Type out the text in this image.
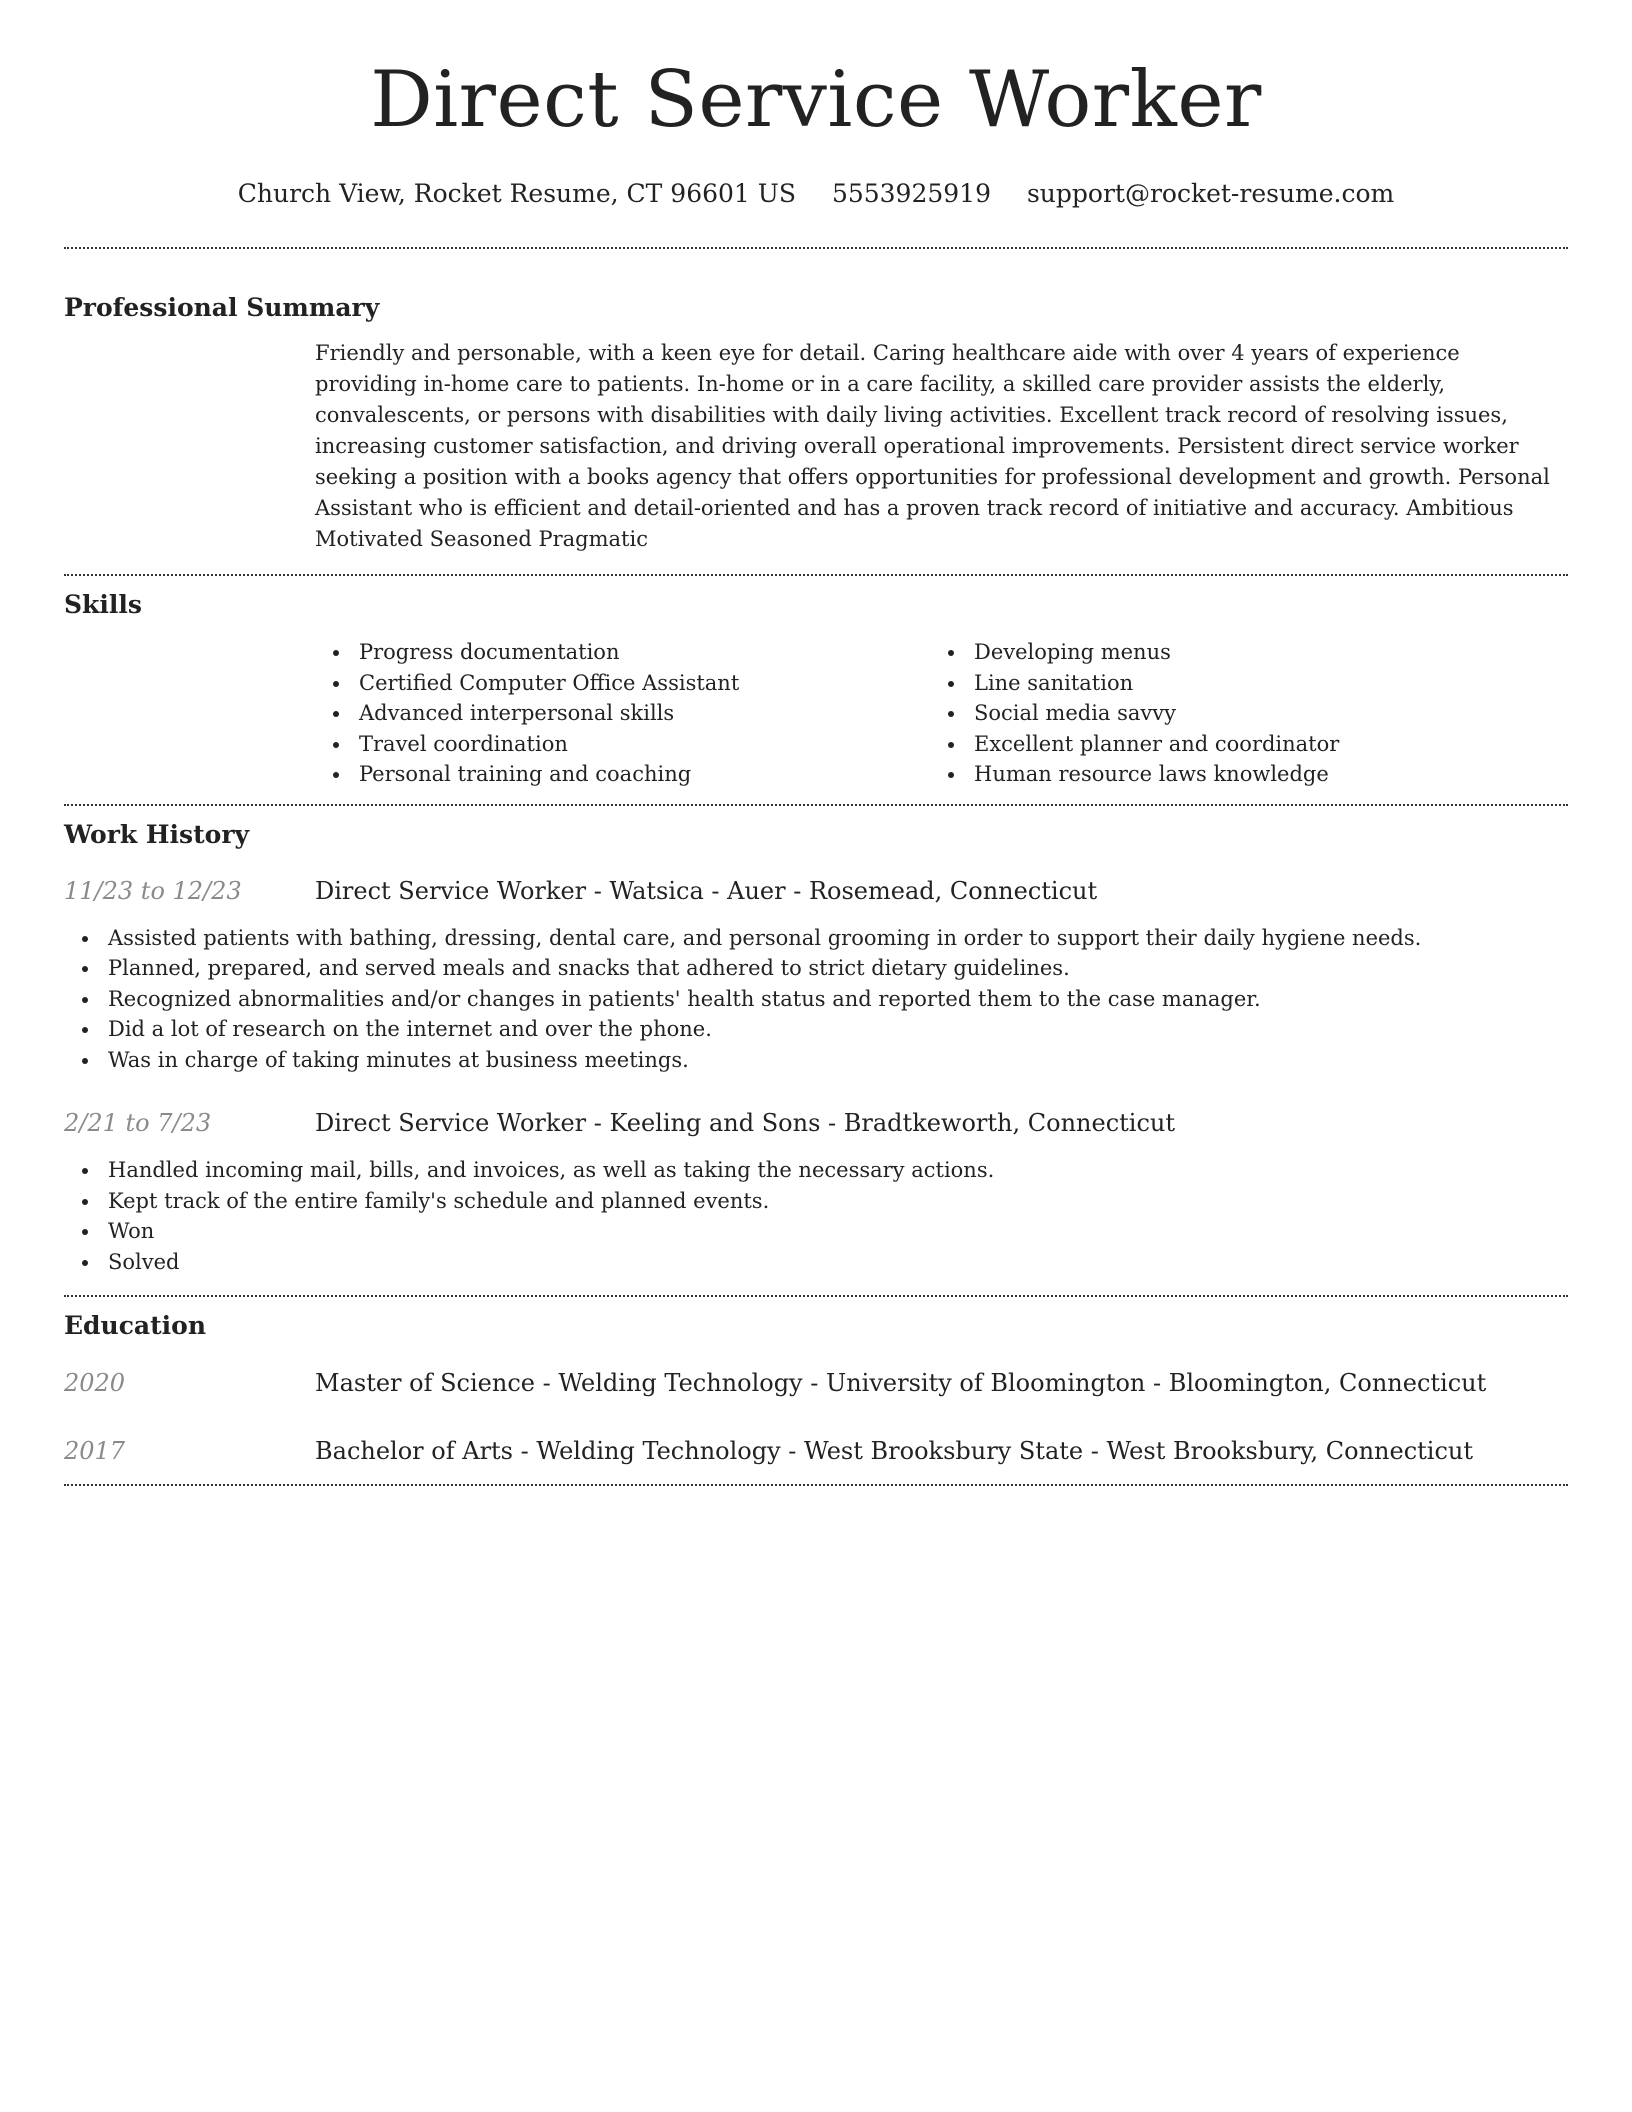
Direct Service Worker
Church View, Rocket Resume, CT 96601 US 5553925919 support@rocket-resume.com
Professional Summary
Friendly and personable, with a keen eye for detail. Caring healthcare aide with over 4 years of experience providing in-home care to patients. In-home or in a care facility, a skilled care provider assists the elderly, convalescents, or persons with disabilities with daily living activities. Excellent track record of resolving issues, increasing customer satisfaction, and driving overall operational improvements. Persistent direct service worker seeking a position with a books agency that offers opportunities for professional development and growth. Personal Assistant who is efficient and detail-oriented and has a proven track record of initiative and accuracy. Ambitious Motivated Seasoned Pragmatic
Skills
Progress documentation
Certified Computer Office Assistant
Advanced interpersonal skills
Travel coordination
Personal training and coaching
Developing menus
Line sanitation
Social media savvy
Excellent planner and coordinator
Human resource laws knowledge
Work History
11/23 to 12/23	Direct Service Worker - Watsica - Auer - Rosemead, Connecticut
Assisted patients with bathing, dressing, dental care, and personal grooming in order to support their daily hygiene needs.
Planned, prepared, and served meals and snacks that adhered to strict dietary guidelines.
Recognized abnormalities and/or changes in patients' health status and reported them to the case manager.
Did a lot of research on the internet and over the phone.
Was in charge of taking minutes at business meetings.
2/21 to 7/23	Direct Service Worker - Keeling and Sons - Bradtkeworth, Connecticut
Handled incoming mail, bills, and invoices, as well as taking the necessary actions.
Kept track of the entire family's schedule and planned events.
Won
Solved
Education
2020	Master of Science - Welding Technology - University of Bloomington - Bloomington, Connecticut
2017	Bachelor of Arts - Welding Technology - West Brooksbury State - West Brooksbury, Connecticut
